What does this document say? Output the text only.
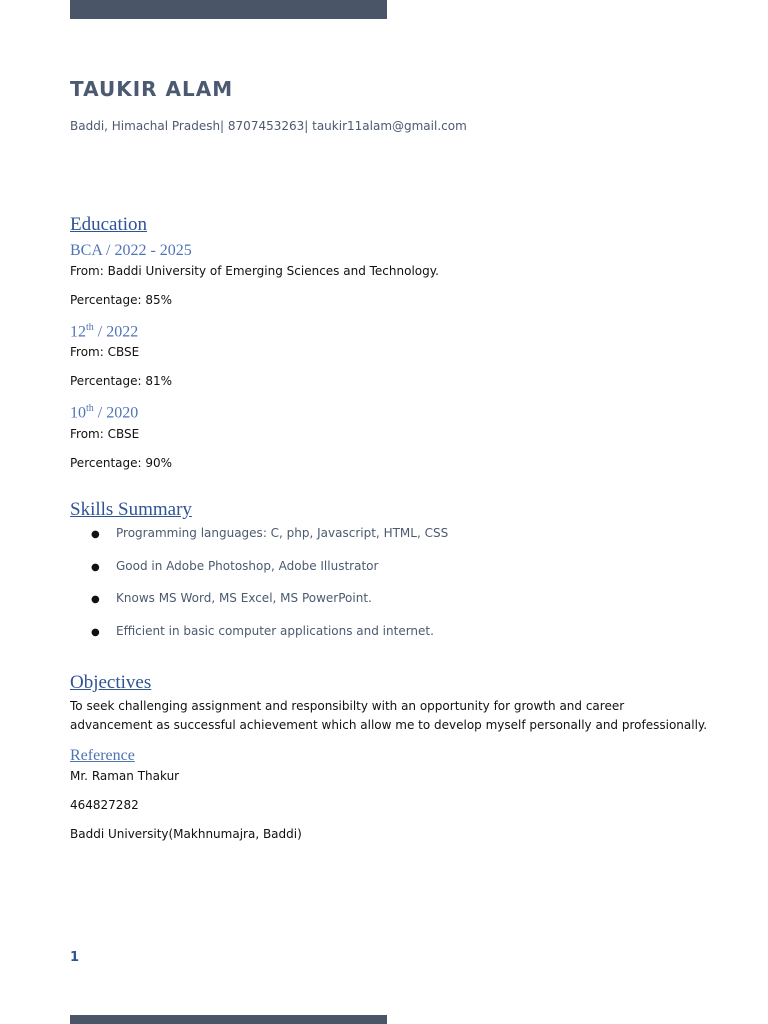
TAUKIR ALAM

Baddi, Himachal Pradesh| 8707453263| taukir11alam@gmail.com

Education
BCA / 2022 - 2025

From: Baddi University of Emerging Sciences and Technology.

Percentage: 85%

12th / 2022

From: CBSE

Percentage: 81%

10th / 2020

From: CBSE

Percentage: 90%

Skills Summary

● Programming languages: C, php, Javascript, HTML, CSS

● Good in Adobe Photoshop, Adobe Illustrator

● Knows MS Word, MS Excel, MS PowerPoint.

● Efficient in basic computer applications and internet.

Objectives

To seek challenging assignment and responsibilty with an opportunity for growth and career advancement as successful achievement which allow me to develop myself personally and professionally.

Reference

Mr. Raman Thakur

464827282

Baddi University(Makhnumajra, Baddi)

1
